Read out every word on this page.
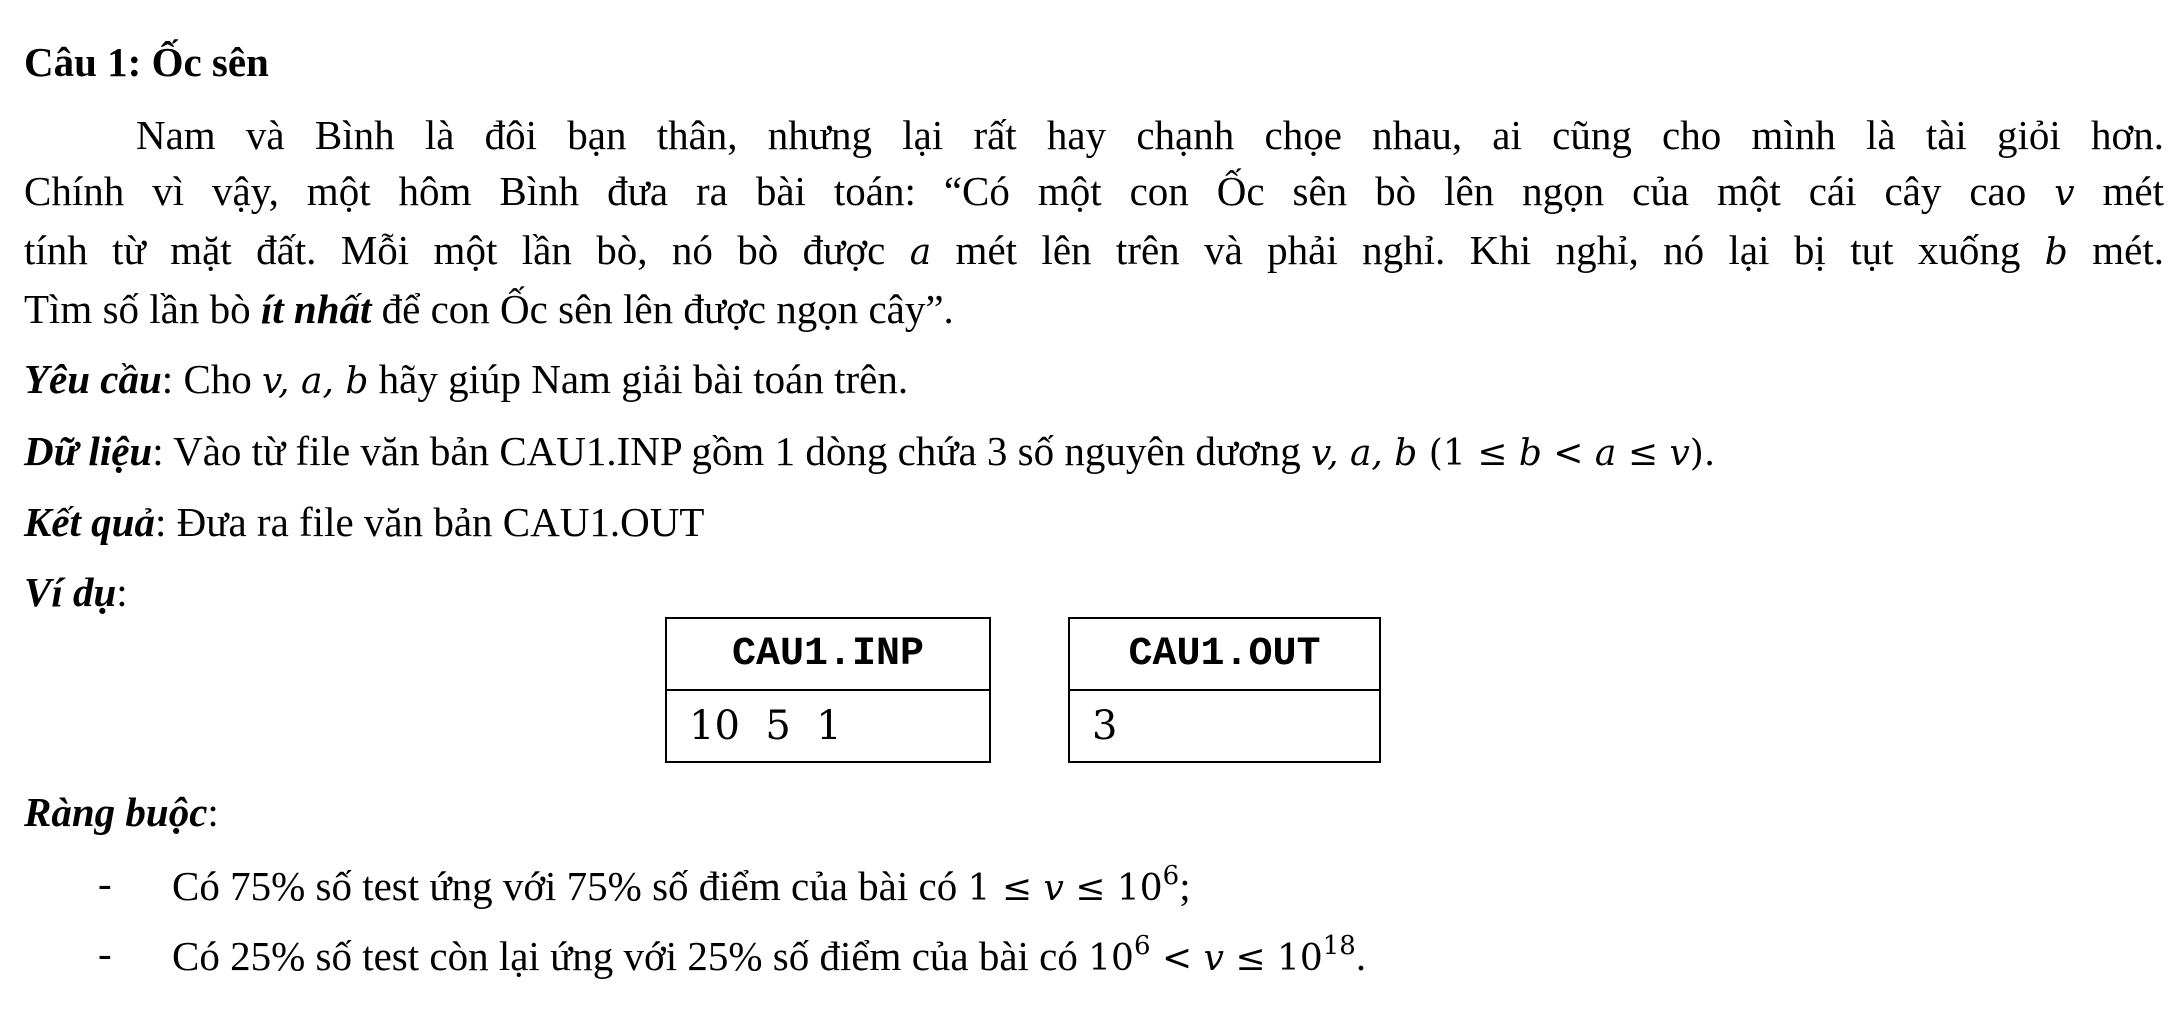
Câu 1: Ốc sên
Nam và Bình là đôi bạn thân, nhưng lại rất hay chạnh chọe nhau, ai cũng cho mình là tài giỏi hơn.
Chính vì vậy, một hôm Bình đưa ra bài toán: “Có một con Ốc sên bò lên ngọn của một cái cây cao v mét
tính từ mặt đất. Mỗi một lần bò, nó bò được a mét lên trên và phải nghỉ. Khi nghỉ, nó lại bị tụt xuống b mét.
Tìm số lần bò ít nhất để con Ốc sên lên được ngọn cây”.
Yêu cầu: Cho v, a, b hãy giúp Nam giải bài toán trên.
Dữ liệu: Vào từ file văn bản CAU1.INP gồm 1 dòng chứa 3 số nguyên dương v, a, b (1 ≤ b < a ≤ v).
Kết quả: Đưa ra file văn bản CAU1.OUT
Ví dụ:
CAU1.INP
10  5  1
CAU1.OUT
3
Ràng buộc:
- Có 75% số test ứng với 75% số điểm của bài có $1 \le v \le 10^6$;
- Có 25% số test còn lại ứng với 25% số điểm của bài có $10^6 < v \le 10^{18}$.
